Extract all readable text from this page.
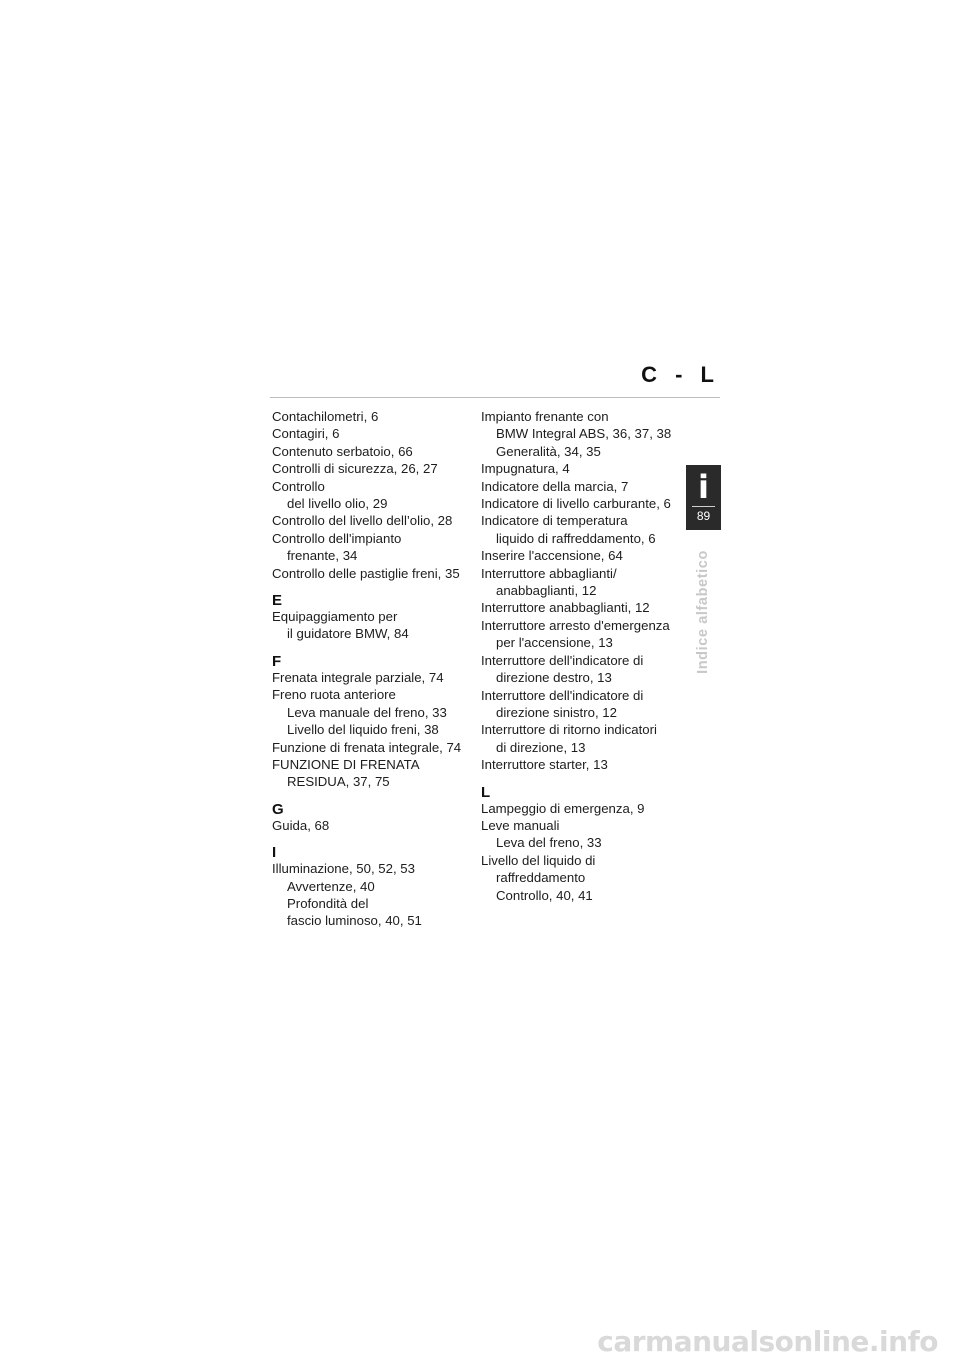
C - L
Contachilometri, 6
Contagiri, 6
Contenuto serbatoio, 66
Controlli di sicurezza, 26, 27
Controllo
del livello olio, 29
Controllo del livello dell’olio, 28
Controllo dell'impianto
frenante, 34
Controllo delle pastiglie freni, 35
E
Equipaggiamento per
il guidatore BMW, 84
F
Frenata integrale parziale, 74
Freno ruota anteriore
Leva manuale del freno, 33
Livello del liquido freni, 38
Funzione di frenata integrale, 74
FUNZIONE DI FRENATA
RESIDUA, 37, 75
G
Guida, 68
I
Illuminazione, 50, 52, 53
Avvertenze, 40
Profondità del
fascio luminoso, 40, 51
Impianto frenante con
BMW Integral ABS, 36, 37, 38
Generalità, 34, 35
Impugnatura, 4
Indicatore della marcia, 7
Indicatore di livello carburante, 6
Indicatore di temperatura
liquido di raffreddamento, 6
Inserire l'accensione, 64
Interruttore abbaglianti/
anabbaglianti, 12
Interruttore anabbaglianti, 12
Interruttore arresto d'emergenza
per l'accensione, 13
Interruttore dell'indicatore di
direzione destro, 13
Interruttore dell'indicatore di
direzione sinistro, 12
Interruttore di ritorno indicatori
di direzione, 13
Interruttore starter, 13
L
Lampeggio di emergenza, 9
Leve manuali
Leva del freno, 33
Livello del liquido di
raffreddamento
Controllo, 40, 41
i
89
Indice alfabetico
carmanualsonline.info
